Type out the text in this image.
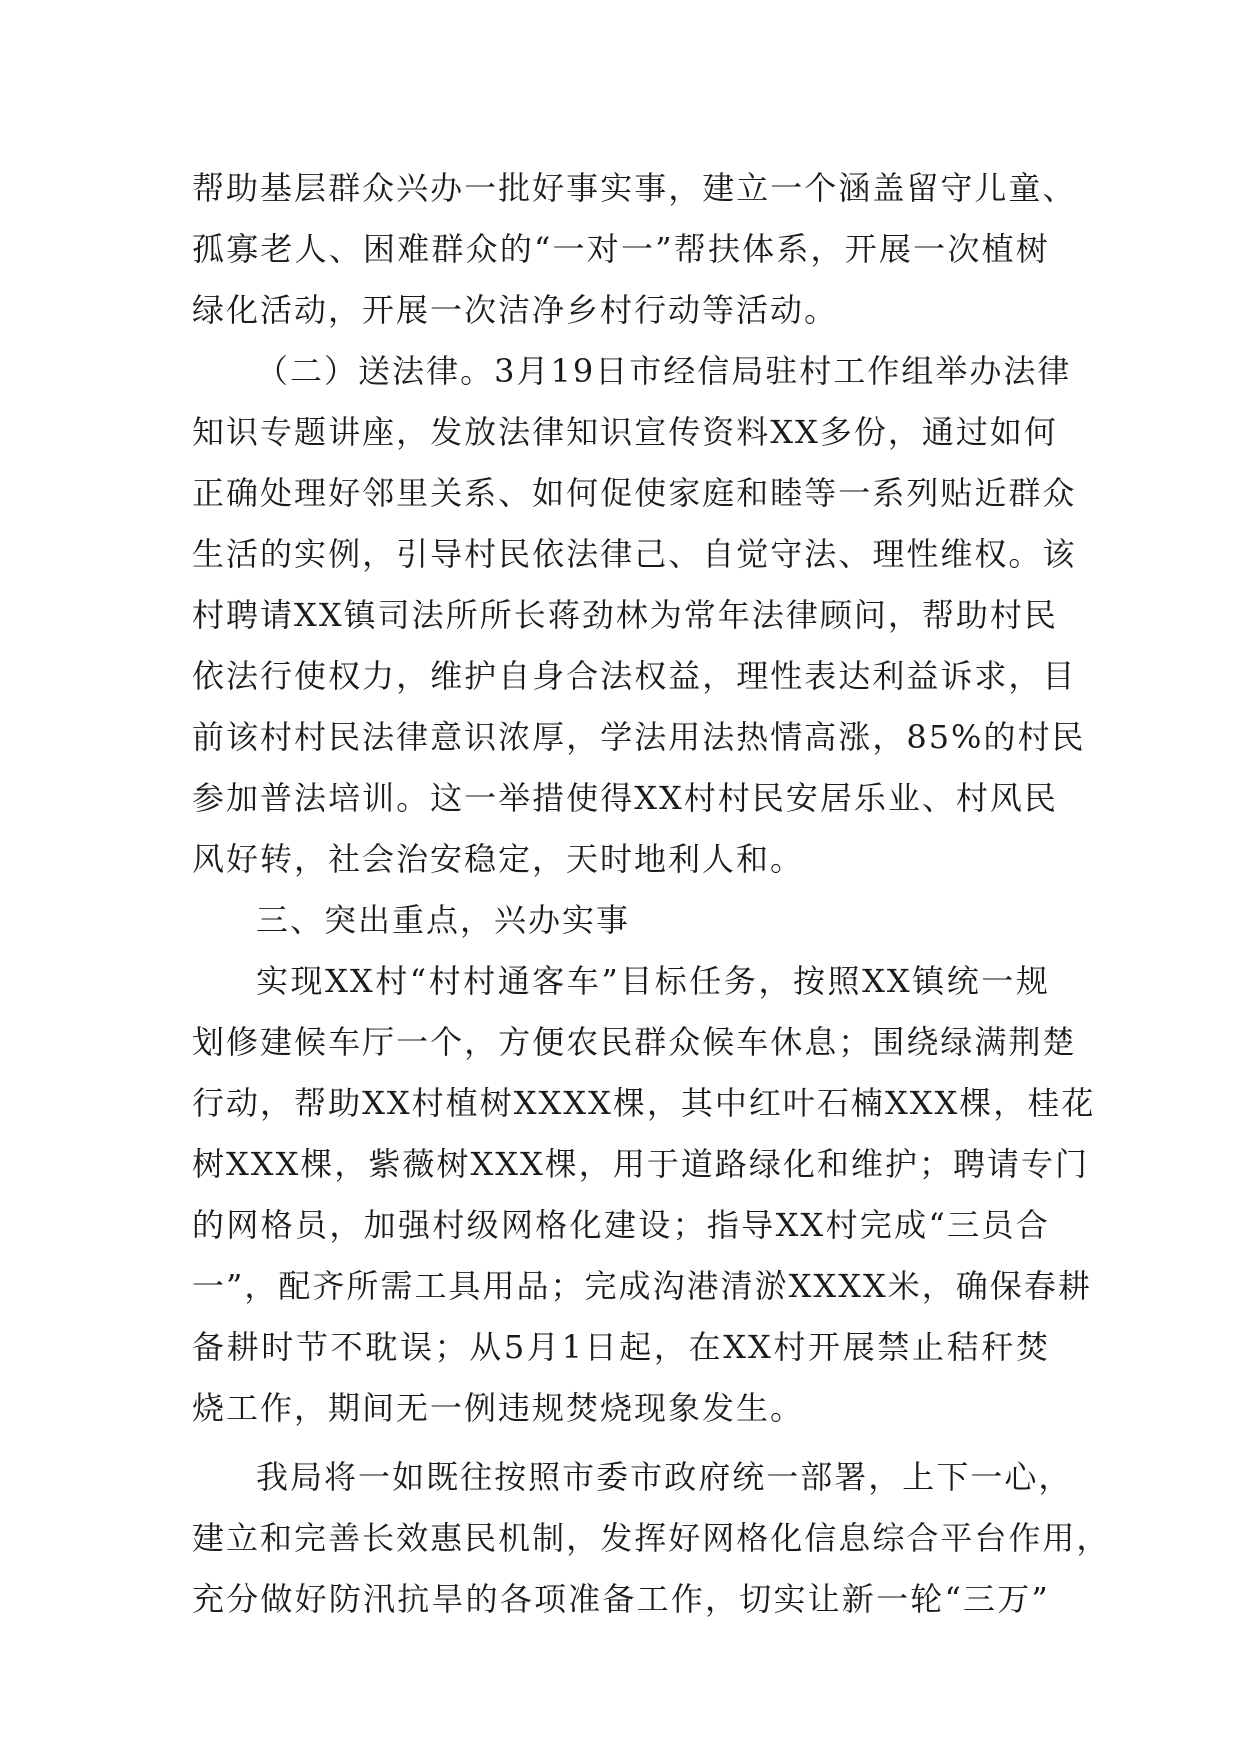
帮 助 基 层 群 众 兴 办 一 批 好 事 实 事 ， 建 立 一 个 涵 盖 留 守 儿 童 、
孤 寡 老 人 、 困 难 群 众 的 “ 一 对 一 ” 帮 扶 体 系 ， 开 展 一 次 植 树
绿化活动，开展一次洁净乡村行动等活动。
（ 二 ） 送 法 律 。 3 月 19 日 市 经 信 局 驻 村 工 作 组 举 办 法 律
知 识 专 题 讲 座 ， 发 放 法 律 知 识 宣 传 资 料 XX 多 份 ， 通 过 如 何
正 确 处 理 好 邻 里 关 系 、 如 何 促 使 家 庭 和 睦 等 一 系 列 贴 近 群 众
生 活 的 实 例 ， 引 导 村 民 依 法 律 己 、 自 觉 守 法 、 理 性 维 权 。 该
村 聘 请 XX 镇 司 法 所 所 长 蒋 劲 林 为 常 年 法 律 顾 问 ， 帮 助 村 民
依 法 行 使 权 力 ， 维 护 自 身 合 法 权 益 ， 理 性 表 达 利 益 诉 求 ， 目
前 该 村 村 民 法 律 意 识 浓 厚 ， 学 法 用 法 热 情 高 涨 ， 85% 的 村 民
参 加 普 法 培 训 。 这 一 举 措 使 得 XX 村 村 民 安 居 乐 业 、 村 风 民
风好转，社会治安稳定，天时地利人和。
三、突出重点，兴办实事
实 现 XX 村 “ 村 村 通 客 车 ” 目 标 任 务 ， 按 照 XX 镇 统 一 规
划 修 建 候 车 厅 一 个 ， 方 便 农 民 群 众 候 车 休 息 ； 围 绕 绿 满 荆 楚
行 动 ， 帮 助 XX 村 植 树 XXXX 棵 ， 其 中 红 叶 石 楠 XXX 棵 ， 桂 花
树 XXX 棵 ， 紫 薇 树 XXX 棵 ， 用 于 道 路 绿 化 和 维 护 ； 聘 请 专 门
的 网 格 员 ， 加 强 村 级 网 格 化 建 设 ； 指 导 XX 村 完 成 “ 三 员 合
一 ” ， 配 齐 所 需 工 具 用 品 ； 完 成 沟 港 清 淤 XXXX 米 ， 确 保 春 耕
备 耕 时 节 不 耽 误 ； 从 5 月 1 日 起 ， 在 XX 村 开 展 禁 止 秸 秆 焚
烧工作，期间无一例违规焚烧现象发生。
我 局 将 一 如 既 往 按 照 市 委 市 政 府 统 一 部 署 ， 上 下 一 心 ，
建 立 和 完 善 长 效 惠 民 机 制 ， 发 挥 好 网 格 化 信 息 综 合 平 台 作 用 ，
充 分 做 好 防 汛 抗 旱 的 各 项 准 备 工 作 ， 切 实 让 新 一 轮 “ 三 万 ”
